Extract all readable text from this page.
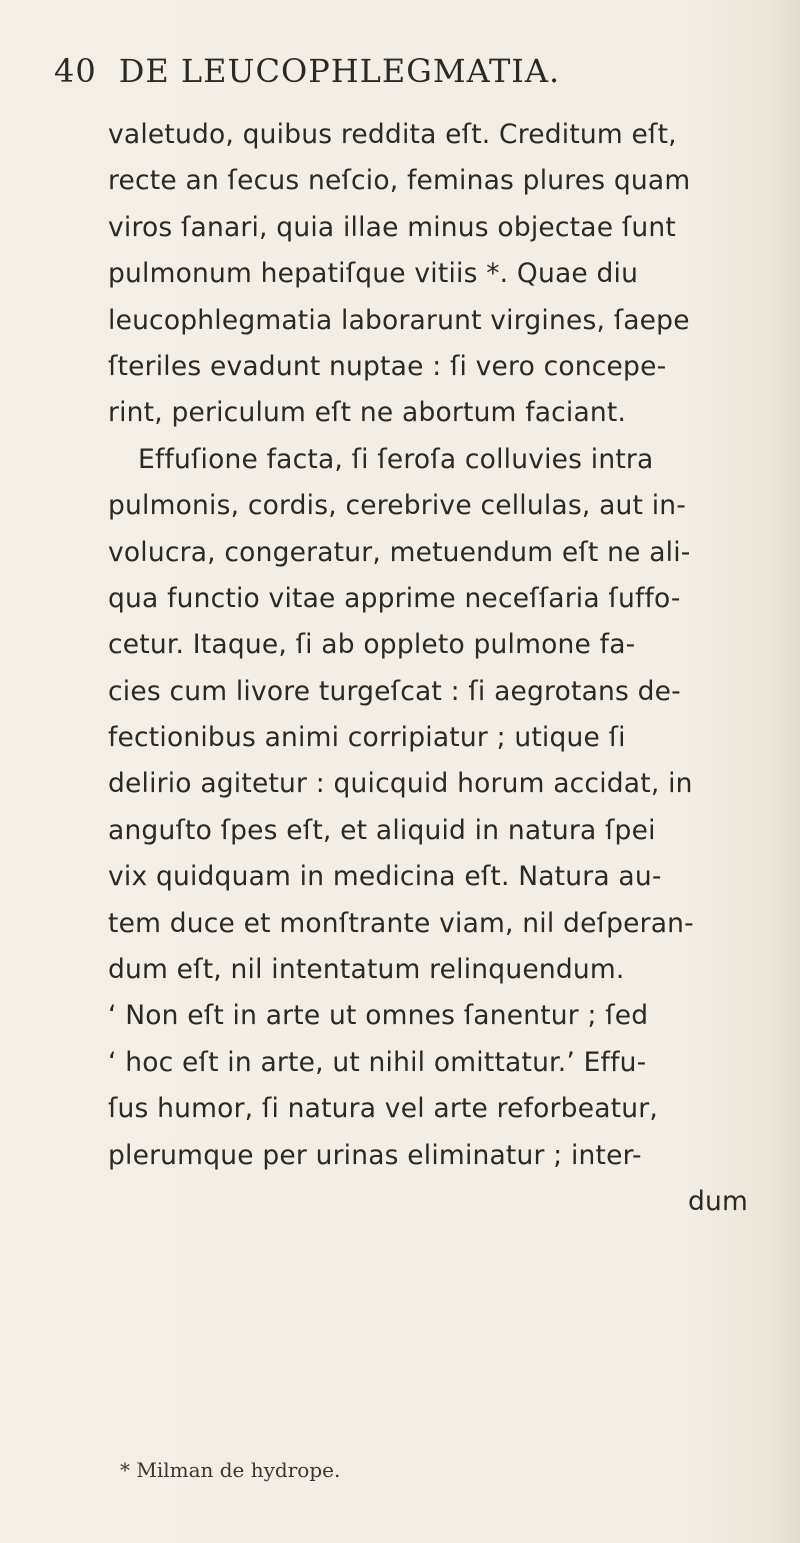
40 DE LEUCOPHLEGMATIA.
valetudo, quibus reddita eſt. Creditum eſt,
recte an ſecus neſcio, feminas plures quam
viros ſanari, quia illae minus objectae ſunt
pulmonum hepatiſque vitiis *. Quae diu
leucophlegmatia laborarunt virgines, ſaepe
ſteriles evadunt nuptae : ſi vero concepe-
rint, periculum eſt ne abortum faciant.
Effuſione facta, ſi ſeroſa colluvies intra
pulmonis, cordis, cerebrive cellulas, aut in-
volucra, congeratur, metuendum eſt ne ali-
qua functio vitae apprime neceſſaria ſuffo-
cetur. Itaque, ſi ab oppleto pulmone fa-
cies cum livore turgeſcat : ſi aegrotans de-
fectionibus animi corripiatur ; utique ſi
delirio agitetur : quicquid horum accidat, in
anguſto ſpes eſt, et aliquid in natura ſpei
vix quidquam in medicina eſt. Natura au-
tem duce et monſtrante viam, nil deſperan-
dum eſt, nil intentatum relinquendum.
‘ Non eſt in arte ut omnes ſanentur ; ſed
‘ hoc eſt in arte, ut nihil omittatur.’ Effu-
ſus humor, ſi natura vel arte reforbeatur,
plerumque per urinas eliminatur ; inter-
dum
* Milman de hydrope.
